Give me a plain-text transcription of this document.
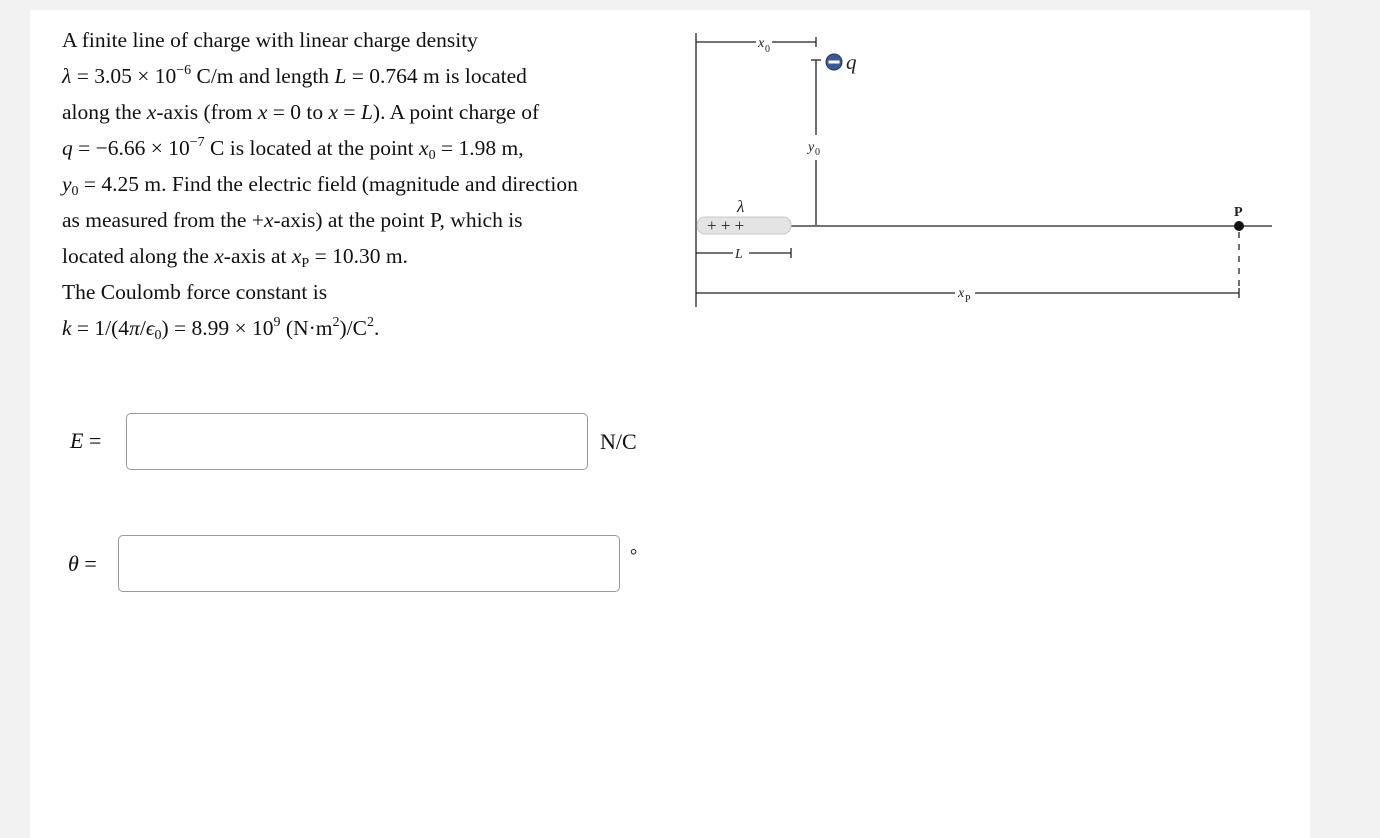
A finite line of charge with linear charge density

$\lambda = 3.05 \times 10^{-6}$ C/m and length L = 0.764 m is located

along the x-axis (from x = 0 to x = L). A point charge of

$q = -6.66 \times 10^{-7}$ C is located at the point $x_0 = 1.98$ m,

$y_0 = 4.25$ m. Find the electric field (magnitude and direction

as measured from the +x-axis) at the point P, which is

located along the x-axis at $x_P = 10.30$ m.

The Coulomb force constant is

$k = 1/(4\pi/\epsilon_0) = 8.99 \times 10^9$ $(N\cdot m^2)/C^2$.

E =	N/C
θ =	°
+ + +
λ
q
x 0
y 0
L
P
x P
